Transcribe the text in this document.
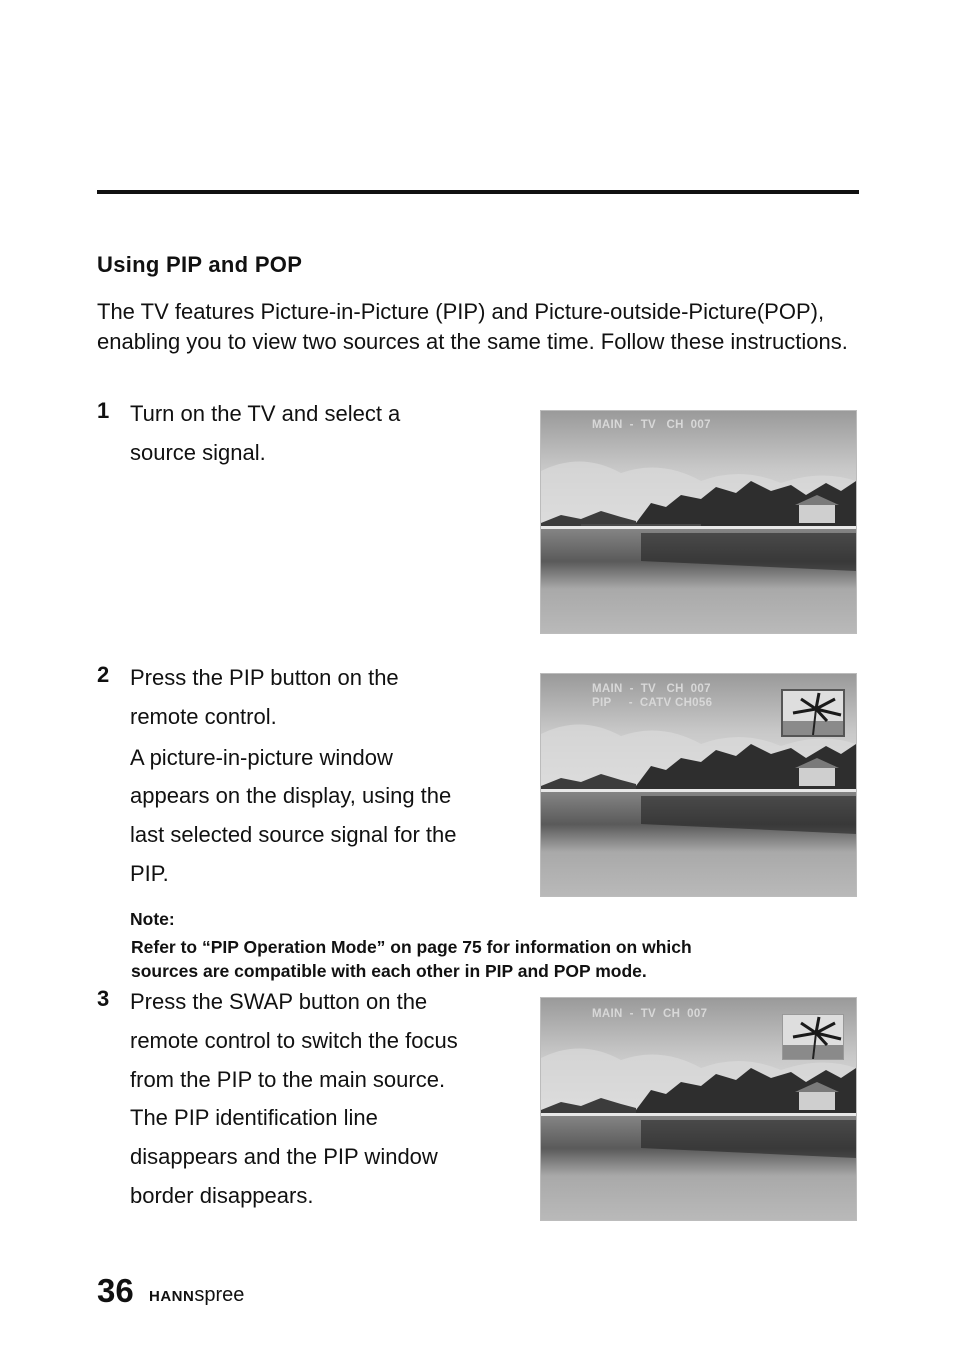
Using PIP and POP
The TV features Picture-in-Picture (PIP) and Picture-outside-Picture(POP), enabling you to view two sources at the same time. Follow these instructions.
1 Turn on the TV and select a
source signal.
2 Press the PIP button on the
remote control.
A picture-in-picture window
appears on the display, using the
last selected source signal for the
PIP.
Note:
Refer to “PIP Operation Mode” on page 75 for information on which
sources are compatible with each other in PIP and POP mode.
3 Press the SWAP button on the
remote control to switch the focus
from the PIP to the main source.
The PIP identification line
disappears and the PIP window
border disappears.
MAIN  -  TV   CH  007
MAIN  -  TV   CH  007
PIP     -  CATV CH056
MAIN  -  TV  CH  007
36 HANNspree
